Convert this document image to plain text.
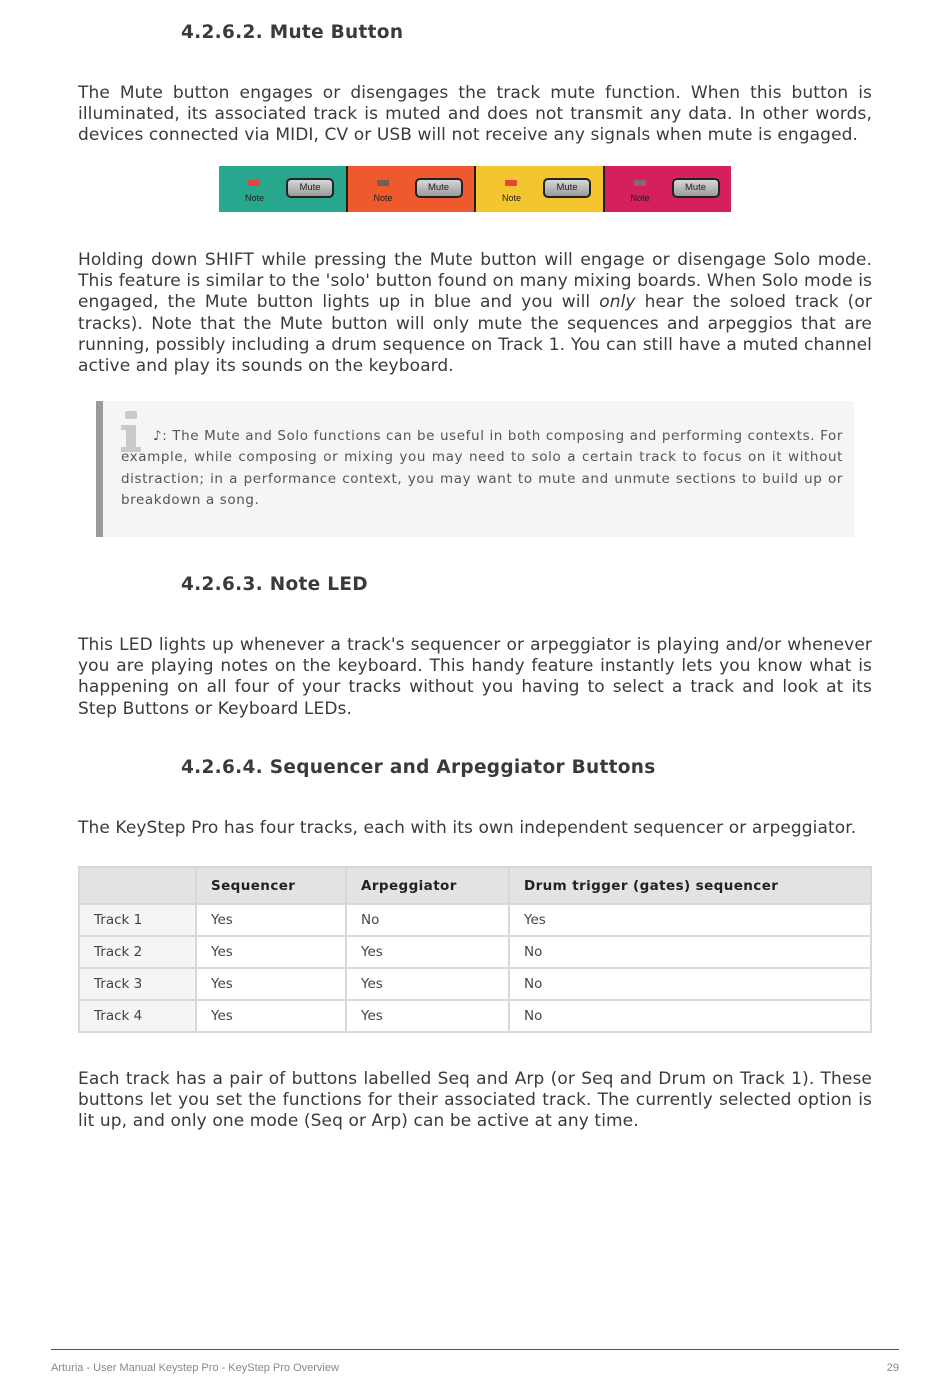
4.2.6.2. Mute Button

The Mute button engages or disengages the track mute function. When this button is illuminated, its associated track is muted and does not transmit any data. In other words, devices connected via MIDI, CV or USB will not receive any signals when mute is engaged.

Note
Mute
Note
Mute
Note
Mute
Note
Mute

Holding down SHIFT while pressing the Mute button will engage or disengage Solo mode. This feature is similar to the 'solo' button found on many mixing boards. When Solo mode is engaged, the Mute button lights up in blue and you will only hear the soloed track (or tracks). Note that the Mute button will only mute the sequences and arpeggios that are running, possibly including a drum sequence on Track 1. You can still have a muted channel active and play its sounds on the keyboard.

♪: The Mute and Solo functions can be useful in both composing and performing contexts. For example, while composing or mixing you may need to solo a certain track to focus on it without distraction; in a performance context, you may want to mute and unmute sections to build up or breakdown a song.

4.2.6.3. Note LED

This LED lights up whenever a track's sequencer or arpeggiator is playing and/or whenever you are playing notes on the keyboard. This handy feature instantly lets you know what is happening on all four of your tracks without you having to select a track and look at its Step Buttons or Keyboard LEDs.

4.2.6.4. Sequencer and Arpeggiator Buttons

The KeyStep Pro has four tracks, each with its own independent sequencer or arpeggiator.

	Sequencer	Arpeggiator	Drum trigger (gates) sequencer
Track 1	Yes	No	Yes
Track 2	Yes	Yes	No
Track 3	Yes	Yes	No
Track 4	Yes	Yes	No

Each track has a pair of buttons labelled Seq and Arp (or Seq and Drum on Track 1). These buttons let you set the functions for their associated track. The currently selected option is lit up, and only one mode (Seq or Arp) can be active at any time.

Arturia - User Manual Keystep Pro - KeyStep Pro Overview	29
